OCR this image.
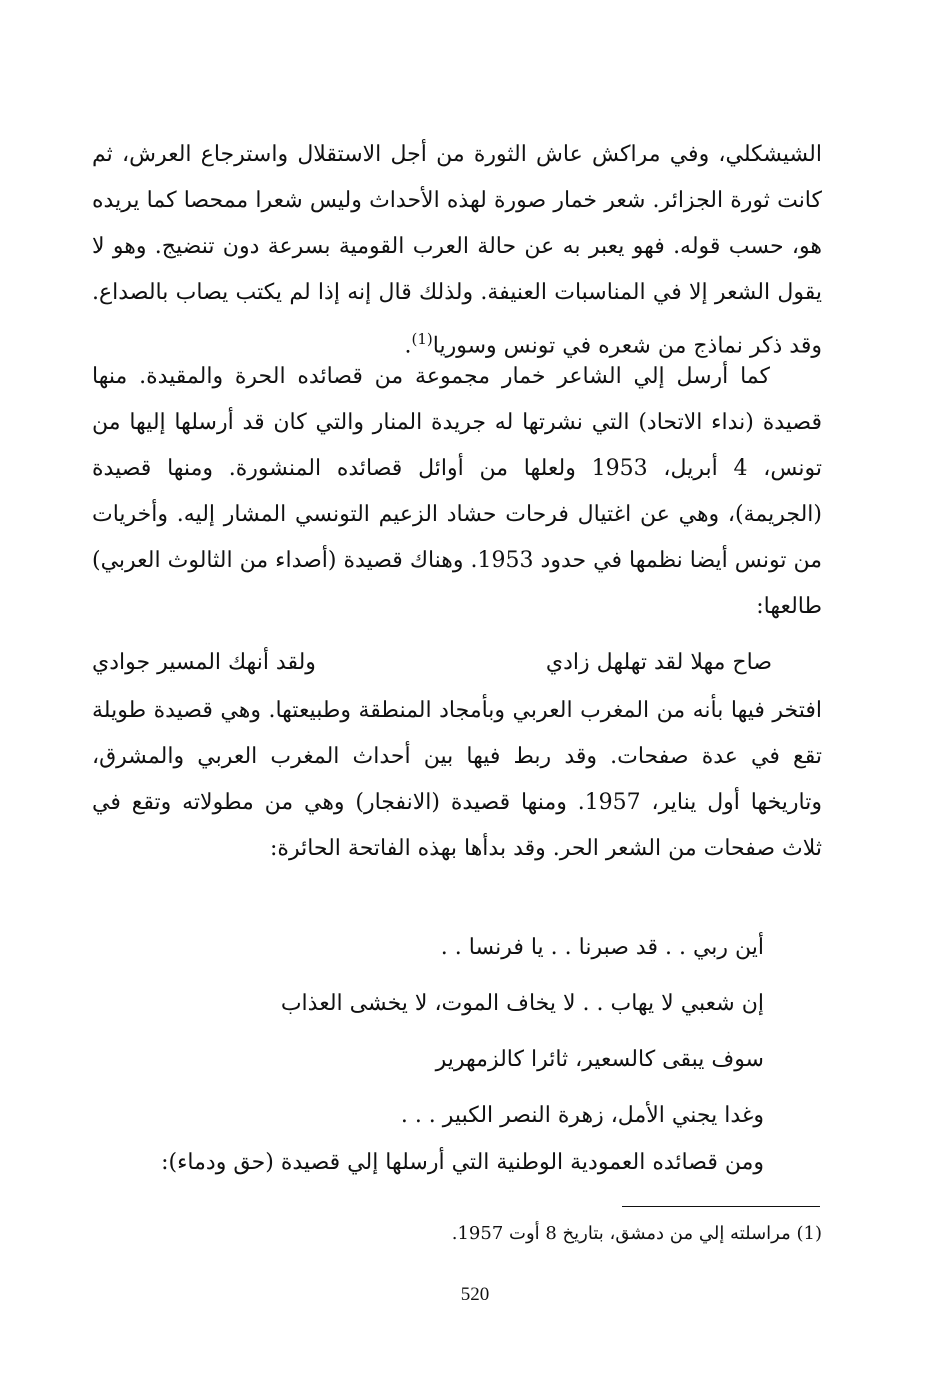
الشيشكلي، وفي مراكش عاش الثورة من أجل الاستقلال واسترجاع العرش، ثم كانت ثورة الجزائر. شعر خمار صورة لهذه الأحداث وليس شعرا ممحصا كما يريده هو، حسب قوله. فهو يعبر به عن حالة العرب القومية بسرعة دون تنضيج. وهو لا يقول الشعر إلا في المناسبات العنيفة. ولذلك قال إنه إذا لم يكتب يصاب بالصداع. وقد ذكر نماذج من شعره في تونس وسوريا$^{(1)}$.
كما أرسل إلي الشاعر خمار مجموعة من قصائده الحرة والمقيدة. منها قصيدة (نداء الاتحاد) التي نشرتها له جريدة المنار والتي كان قد أرسلها إليها من تونس، 4 أبريل، 1953 ولعلها من أوائل قصائده المنشورة. ومنها قصيدة (الجريمة)، وهي عن اغتيال فرحات حشاد الزعيم التونسي المشار إليه. وأخريات من تونس أيضا نظمها في حدود 1953. وهناك قصيدة (أصداء من الثالوث العربي) طالعها:
صاح مهلا لقد تهلهل زادي
ولقد أنهك المسير جوادي
افتخر فيها بأنه من المغرب العربي وبأمجاد المنطقة وطبيعتها. وهي قصيدة طويلة تقع في عدة صفحات. وقد ربط فيها بين أحداث المغرب العربي والمشرق، وتاريخها أول يناير، 1957. ومنها قصيدة (الانفجار) وهي من مطولاته وتقع في ثلاث صفحات من الشعر الحر. وقد بدأها بهذه الفاتحة الحائرة:
أين ربي . . قد صبرنا . . يا فرنسا . .
إن شعبي لا يهاب . . لا يخاف الموت، لا يخشى العذاب
سوف يبقى كالسعير، ثائرا كالزمهرير
وغدا يجني الأمل، زهرة النصر الكبير . . .
ومن قصائده العمودية الوطنية التي أرسلها إلي قصيدة (حق ودماء):
(1) مراسلته إلي من دمشق، بتاريخ 8 أوت 1957.
520
